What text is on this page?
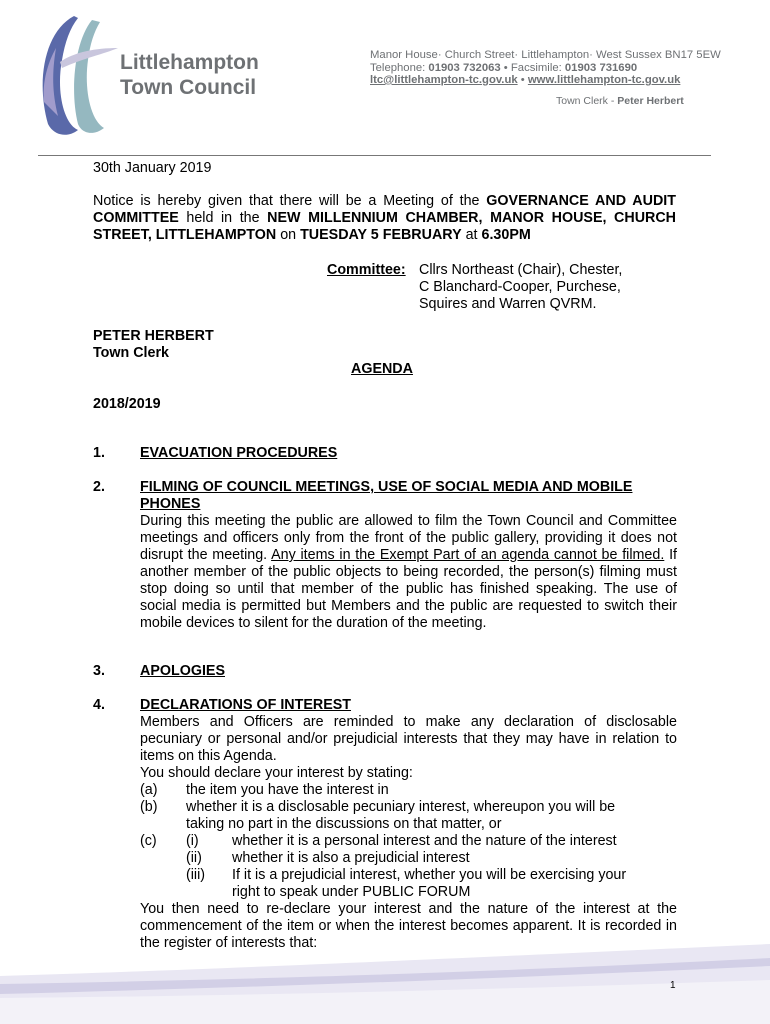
Littlehampton
Town Council
Manor House· Church Street· Littlehampton· West Sussex BN17 5EW
Telephone: 01903 732063 • Facsimile: 01903 731690
ltc@littlehampton-tc.gov.uk • www.littlehampton-tc.gov.uk
Town Clerk - Peter Herbert
30th January 2019
Notice is hereby given that there will be a Meeting of the GOVERNANCE AND AUDIT COMMITTEE held in the NEW MILLENNIUM CHAMBER, MANOR HOUSE, CHURCH STREET, LITTLEHAMPTON on TUESDAY 5 FEBRUARY at 6.30PM
Committee: Cllrs Northeast (Chair), Chester,
C Blanchard-Cooper, Purchese,
Squires and Warren QVRM.
PETER HERBERT
Town Clerk
AGENDA
2018/2019
1. EVACUATION PROCEDURES
2. FILMING OF COUNCIL MEETINGS, USE OF SOCIAL MEDIA AND MOBILE
PHONES
During this meeting the public are allowed to film the Town Council and Committee meetings and officers only from the front of the public gallery, providing it does not disrupt the meeting. Any items in the Exempt Part of an agenda cannot be filmed. If another member of the public objects to being recorded, the person(s) filming must stop doing so until that member of the public has finished speaking. The use of social media is permitted but Members and the public are requested to switch their mobile devices to silent for the duration of the meeting.
3. APOLOGIES
4. DECLARATIONS OF INTEREST
Members and Officers are reminded to make any declaration of disclosable pecuniary or personal and/or prejudicial interests that they may have in relation to items on this Agenda.
You should declare your interest by stating:
(a) the item you have the interest in
(b) whether it is a disclosable pecuniary interest, whereupon you will be
taking no part in the discussions on that matter, or
(c) (i) whether it is a personal interest and the nature of the interest
(ii) whether it is also a prejudicial interest
(iii) If it is a prejudicial interest, whether you will be exercising your
right to speak under PUBLIC FORUM
You then need to re-declare your interest and the nature of the interest at the commencement of the item or when the interest becomes apparent. It is recorded in the register of interests that:
1
